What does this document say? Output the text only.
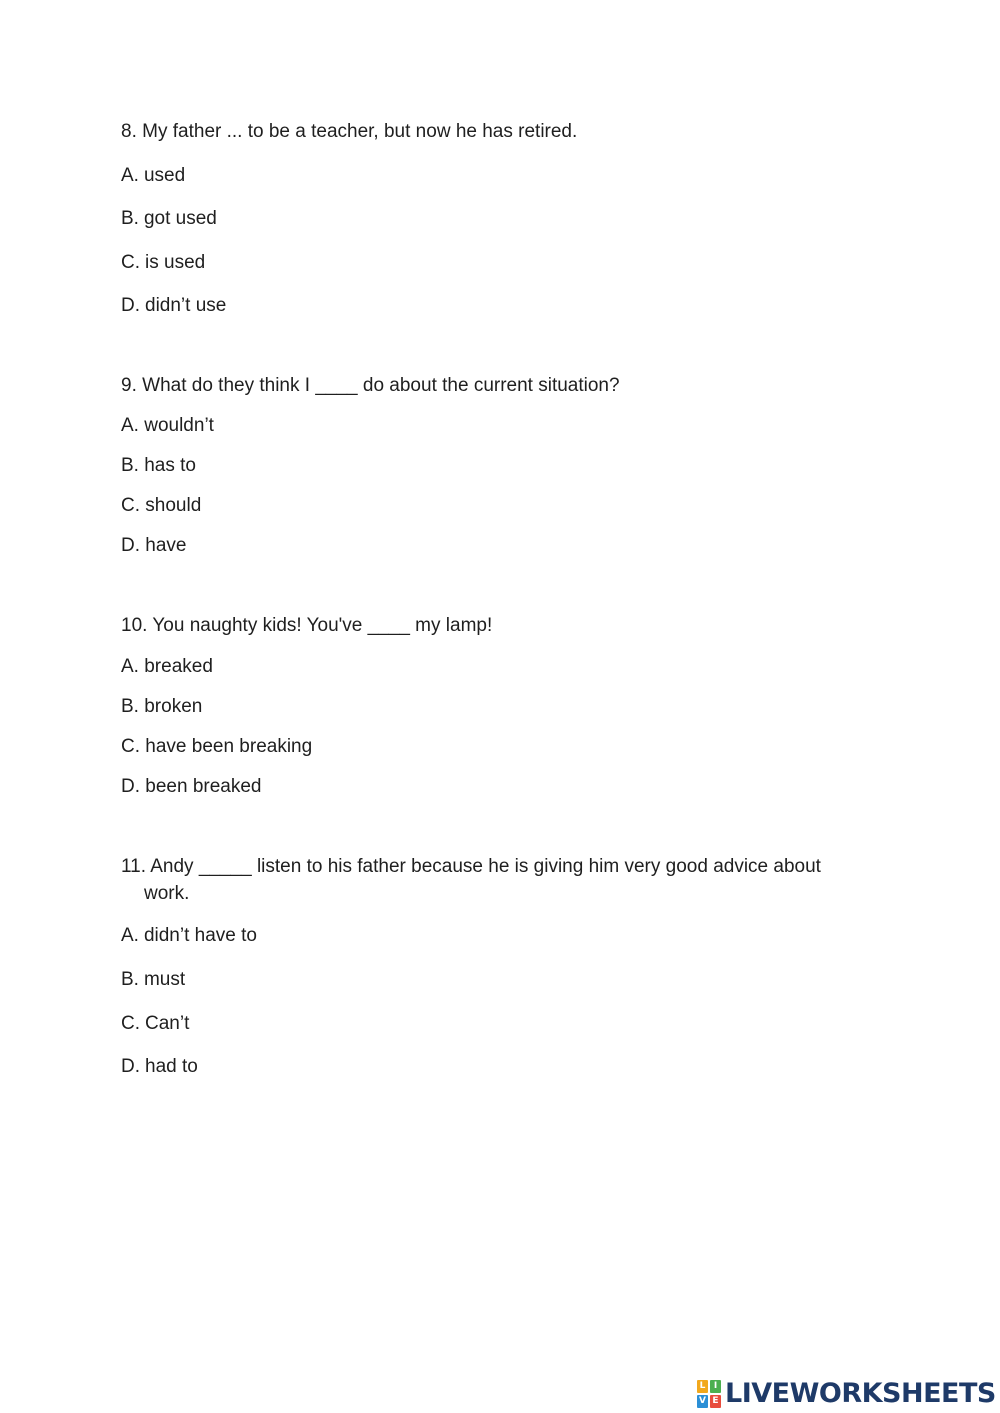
8. My father ... to be a teacher, but now he has retired.
A. used
B. got used
C. is used
D. didn’t use
9. What do they think I ____ do about the current situation?
A. wouldn’t
B. has to
C. should
D. have
10. You naughty kids! You've ____ my lamp!
A. breaked
B. broken
C. have been breaking
D. been breaked
11. Andy _____ listen to his father because he is giving him very good advice about
work.
A. didn’t have to
B. must
C. Can’t
D. had to
L I
V E LIVEWORKSHEETS
